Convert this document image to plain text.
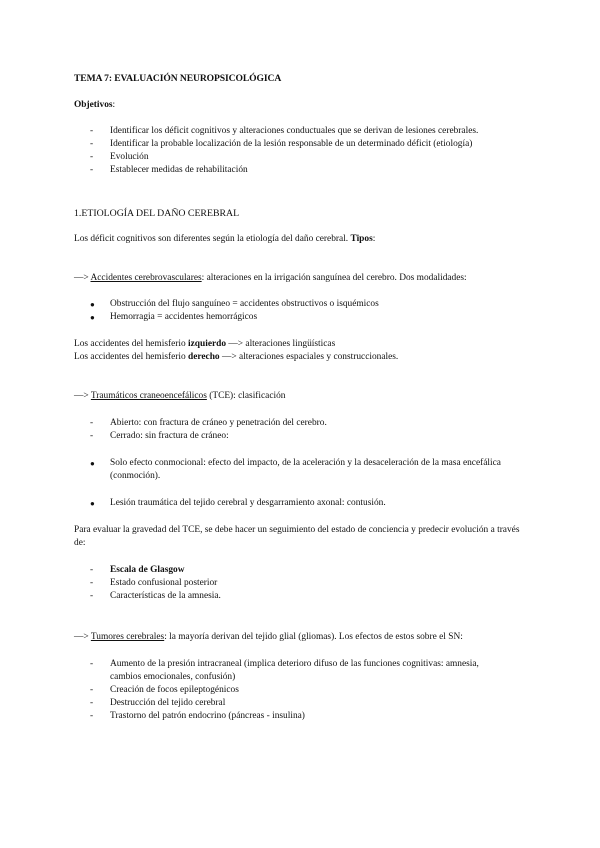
TEMA 7: EVALUACIÓN NEUROPSICOLÓGICA
Objetivos:
- Identificar los déficit cognitivos y alteraciones conductuales que se derivan de lesiones cerebrales.
- Identificar la probable localización de la lesión responsable de un determinado déficit (etiología)
- Evolución
- Establecer medidas de rehabilitación
1.ETIOLOGÍA DEL DAÑO CEREBRAL
Los déficit cognitivos son diferentes según la etiología del daño cerebral. Tipos:
—> Accidentes cerebrovasculares: alteraciones en la irrigación sanguínea del cerebro. Dos modalidades:
● Obstrucción del flujo sanguíneo = accidentes obstructivos o isquémicos
● Hemorragia = accidentes hemorrágicos
Los accidentes del hemisferio izquierdo —> alteraciones lingüísticas
Los accidentes del hemisferio derecho —> alteraciones espaciales y construccionales.
—> Traumáticos craneoencefálicos (TCE): clasificación
- Abierto: con fractura de cráneo y penetración del cerebro.
- Cerrado: sin fractura de cráneo:
● Solo efecto conmocional: efecto del impacto, de la aceleración y la desaceleración de la masa encefálica (conmoción).
● Lesión traumática del tejido cerebral y desgarramiento axonal: contusión.
Para evaluar la gravedad del TCE, se debe hacer un seguimiento del estado de conciencia y predecir evolución a través de:
- Escala de Glasgow
- Estado confusional posterior
- Características de la amnesia.
—> Tumores cerebrales: la mayoría derivan del tejido glial (gliomas). Los efectos de estos sobre el SN:
- Aumento de la presión intracraneal (implica deterioro difuso de las funciones cognitivas: amnesia, cambios emocionales, confusión)
- Creación de focos epileptogénicos
- Destrucción del tejido cerebral
- Trastorno del patrón endocrino (páncreas - insulina)
